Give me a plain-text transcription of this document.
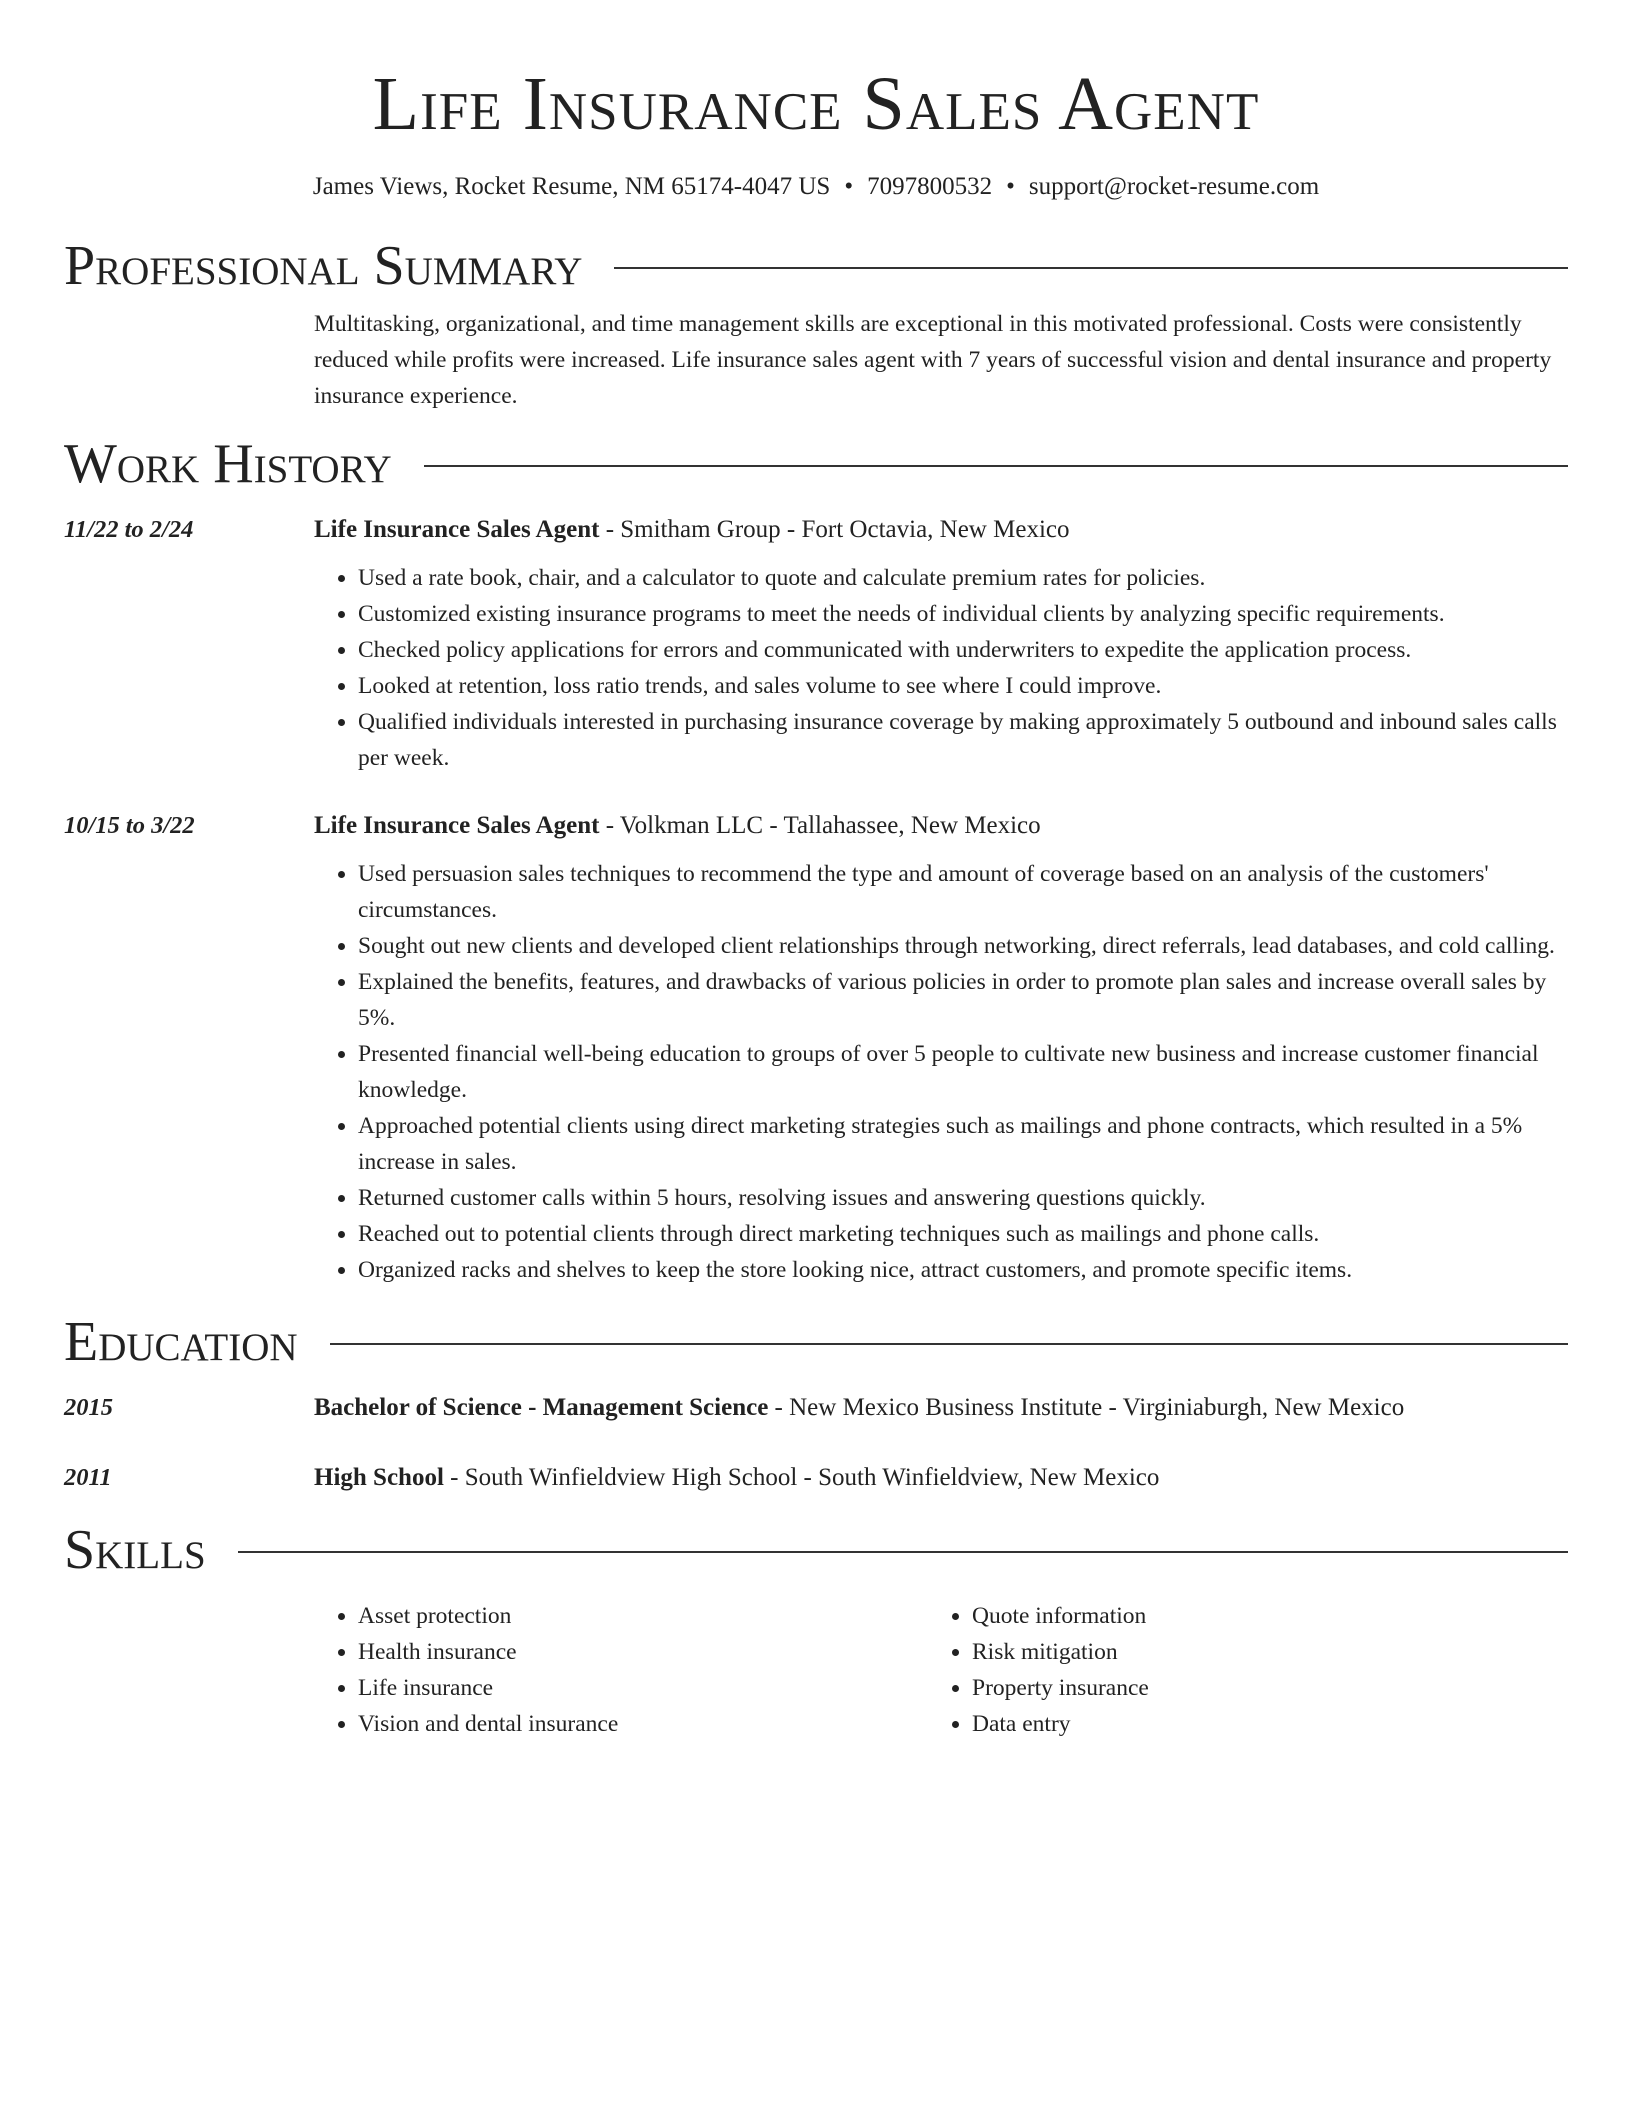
Life Insurance Sales Agent
James Views, Rocket Resume, NM 65174-4047 US • 7097800532 • support@rocket-resume.com
Professional Summary
Multitasking, organizational, and time management skills are exceptional in this motivated professional. Costs were consistently reduced while profits were increased. Life insurance sales agent with 7 years of successful vision and dental insurance and property insurance experience.
Work History
11/22 to 2/24	Life Insurance Sales Agent - Smitham Group - Fort Octavia, New Mexico
• Used a rate book, chair, and a calculator to quote and calculate premium rates for policies.
• Customized existing insurance programs to meet the needs of individual clients by analyzing specific requirements.
• Checked policy applications for errors and communicated with underwriters to expedite the application process.
• Looked at retention, loss ratio trends, and sales volume to see where I could improve.
• Qualified individuals interested in purchasing insurance coverage by making approximately 5 outbound and inbound sales calls per week.
10/15 to 3/22	Life Insurance Sales Agent - Volkman LLC - Tallahassee, New Mexico
• Used persuasion sales techniques to recommend the type and amount of coverage based on an analysis of the customers' circumstances.
• Sought out new clients and developed client relationships through networking, direct referrals, lead databases, and cold calling.
• Explained the benefits, features, and drawbacks of various policies in order to promote plan sales and increase overall sales by 5%.
• Presented financial well-being education to groups of over 5 people to cultivate new business and increase customer financial knowledge.
• Approached potential clients using direct marketing strategies such as mailings and phone contracts, which resulted in a 5% increase in sales.
• Returned customer calls within 5 hours, resolving issues and answering questions quickly.
• Reached out to potential clients through direct marketing techniques such as mailings and phone calls.
• Organized racks and shelves to keep the store looking nice, attract customers, and promote specific items.
Education
2015	Bachelor of Science - Management Science - New Mexico Business Institute - Virginiaburgh, New Mexico
2011	High School - South Winfieldview High School - South Winfieldview, New Mexico
Skills
• Asset protection
• Health insurance
• Life insurance
• Vision and dental insurance
• Quote information
• Risk mitigation
• Property insurance
• Data entry
